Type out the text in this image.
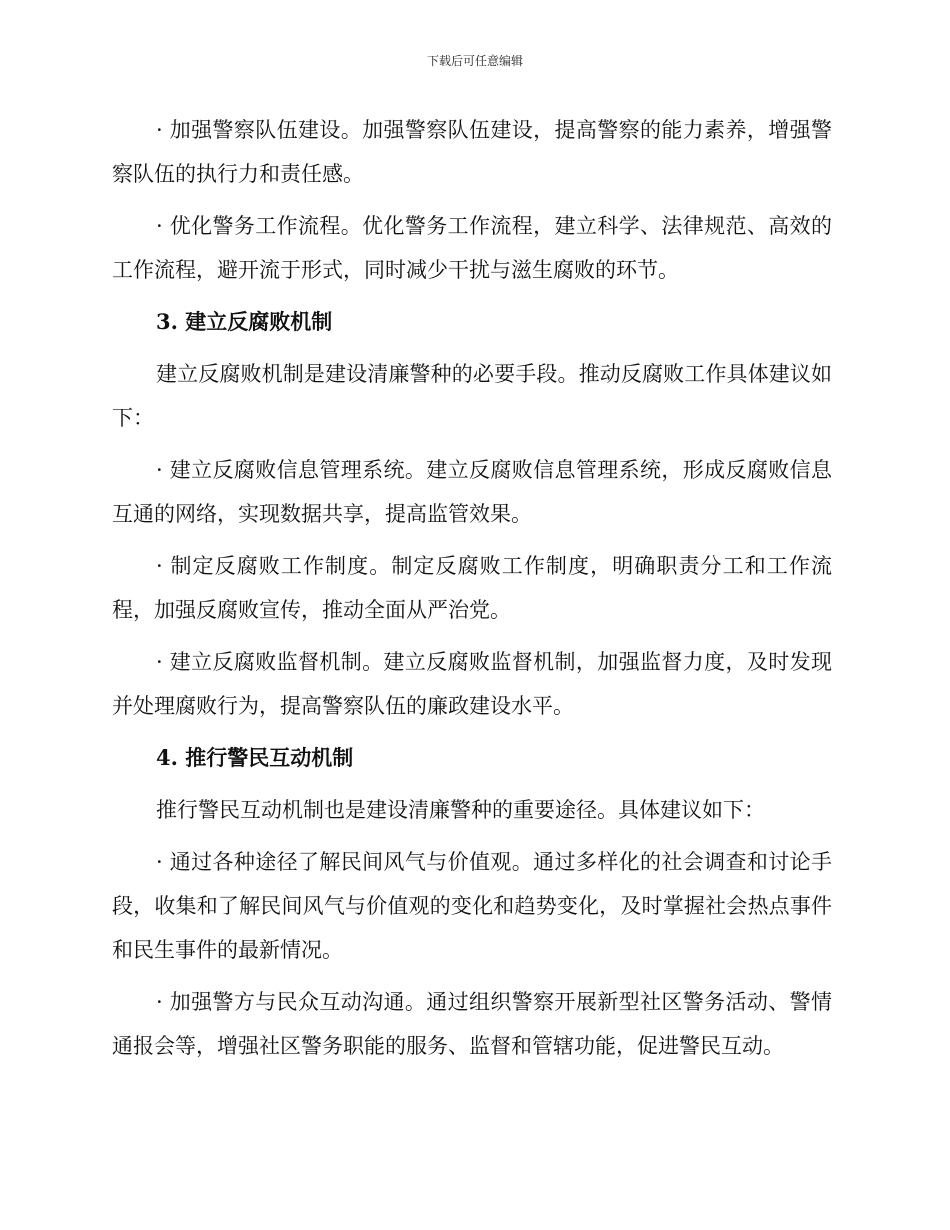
下载后可任意编辑

· 加强警察队伍建设。加强警察队伍建设，提高警察的能力素养，增强警察队伍的执行力和责任感。

· 优化警务工作流程。优化警务工作流程，建立科学、法律规范、高效的工作流程，避开流于形式，同时减少干扰与滋生腐败的环节。

3. 建立反腐败机制

建立反腐败机制是建设清廉警种的必要手段。推动反腐败工作具体建议如下：

· 建立反腐败信息管理系统。建立反腐败信息管理系统，形成反腐败信息互通的网络，实现数据共享，提高监管效果。

· 制定反腐败工作制度。制定反腐败工作制度，明确职责分工和工作流程，加强反腐败宣传，推动全面从严治党。

· 建立反腐败监督机制。建立反腐败监督机制，加强监督力度，及时发现并处理腐败行为，提高警察队伍的廉政建设水平。

4. 推行警民互动机制

推行警民互动机制也是建设清廉警种的重要途径。具体建议如下：

· 通过各种途径了解民间风气与价值观。通过多样化的社会调查和讨论手段，收集和了解民间风气与价值观的变化和趋势变化，及时掌握社会热点事件和民生事件的最新情况。

· 加强警方与民众互动沟通。通过组织警察开展新型社区警务活动、警情通报会等，增强社区警务职能的服务、监督和管辖功能，促进警民互动。
